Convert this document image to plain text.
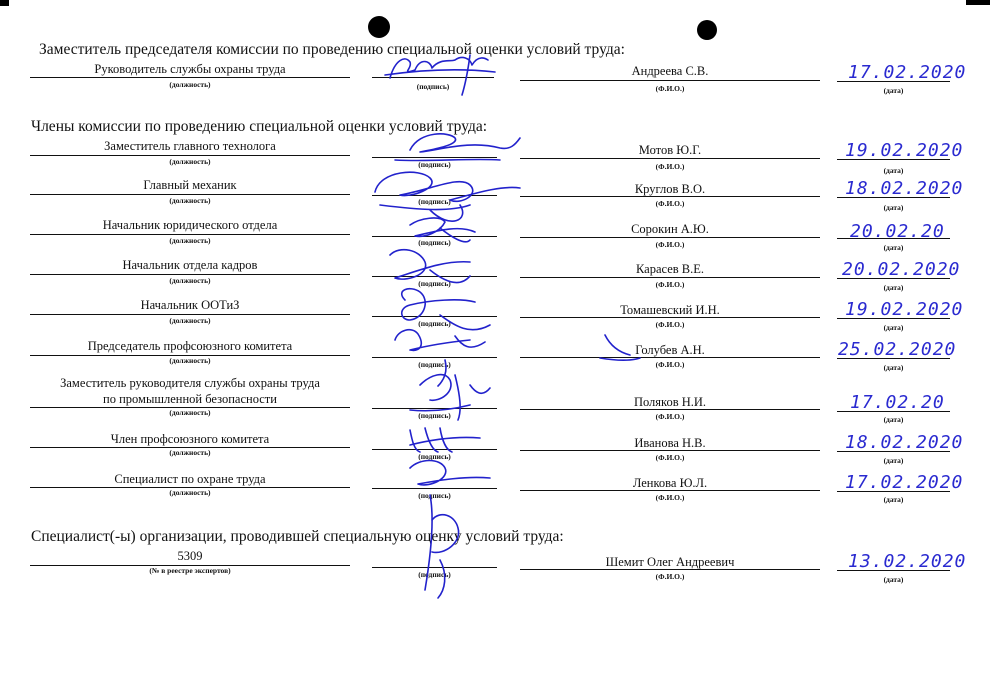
Заместитель председателя комиссии по проведению специальной оценки условий труда:
Руководитель службы охраны труда
(должность)	(подпись)
Андреева С.В.
(Ф.И.О.)
17.02.2020
(дата)
Члены комиссии по проведению специальной оценки условий труда:
Заместитель главного технолога
(должность)	(подпись)
Мотов Ю.Г.
(Ф.И.О.)
19.02.2020
(дата)
Главный механик
(должность)	(подпись)
Круглов В.О.
(Ф.И.О.)
18.02.2020
(дата)
Начальник юридического отдела
(должность)	(подпись)
Сорокин А.Ю.
(Ф.И.О.)
20.02.20
(дата)
Начальник отдела кадров
(должность)	(подпись)
Карасев В.Е.
(Ф.И.О.)
20.02.2020
(дата)
Начальник ООТиЗ
(должность)	(подпись)
Томашевский И.Н.
(Ф.И.О.)
19.02.2020
(дата)
Председатель профсоюзного комитета
(должность)	(подпись)
Голубев А.Н.
(Ф.И.О.)
25.02.2020
(дата)
Заместитель руководителя службы охраны труда
по промышленной безопасности
(должность)	(подпись)
Поляков Н.И.
(Ф.И.О.)
17.02.20
(дата)
Член профсоюзного комитета
(должность)	(подпись)
Иванова Н.В.
(Ф.И.О.)
18.02.2020
(дата)
Специалист по охране труда
(должность)	(подпись)
Ленкова Ю.Л.
(Ф.И.О.)
17.02.2020
(дата)
Специалист(-ы) организации, проводившей специальную оценку условий труда:
5309
(№ в реестре экспертов)	(подпись)
Шемит Олег Андреевич
(Ф.И.О.)
13.02.2020
(дата)
